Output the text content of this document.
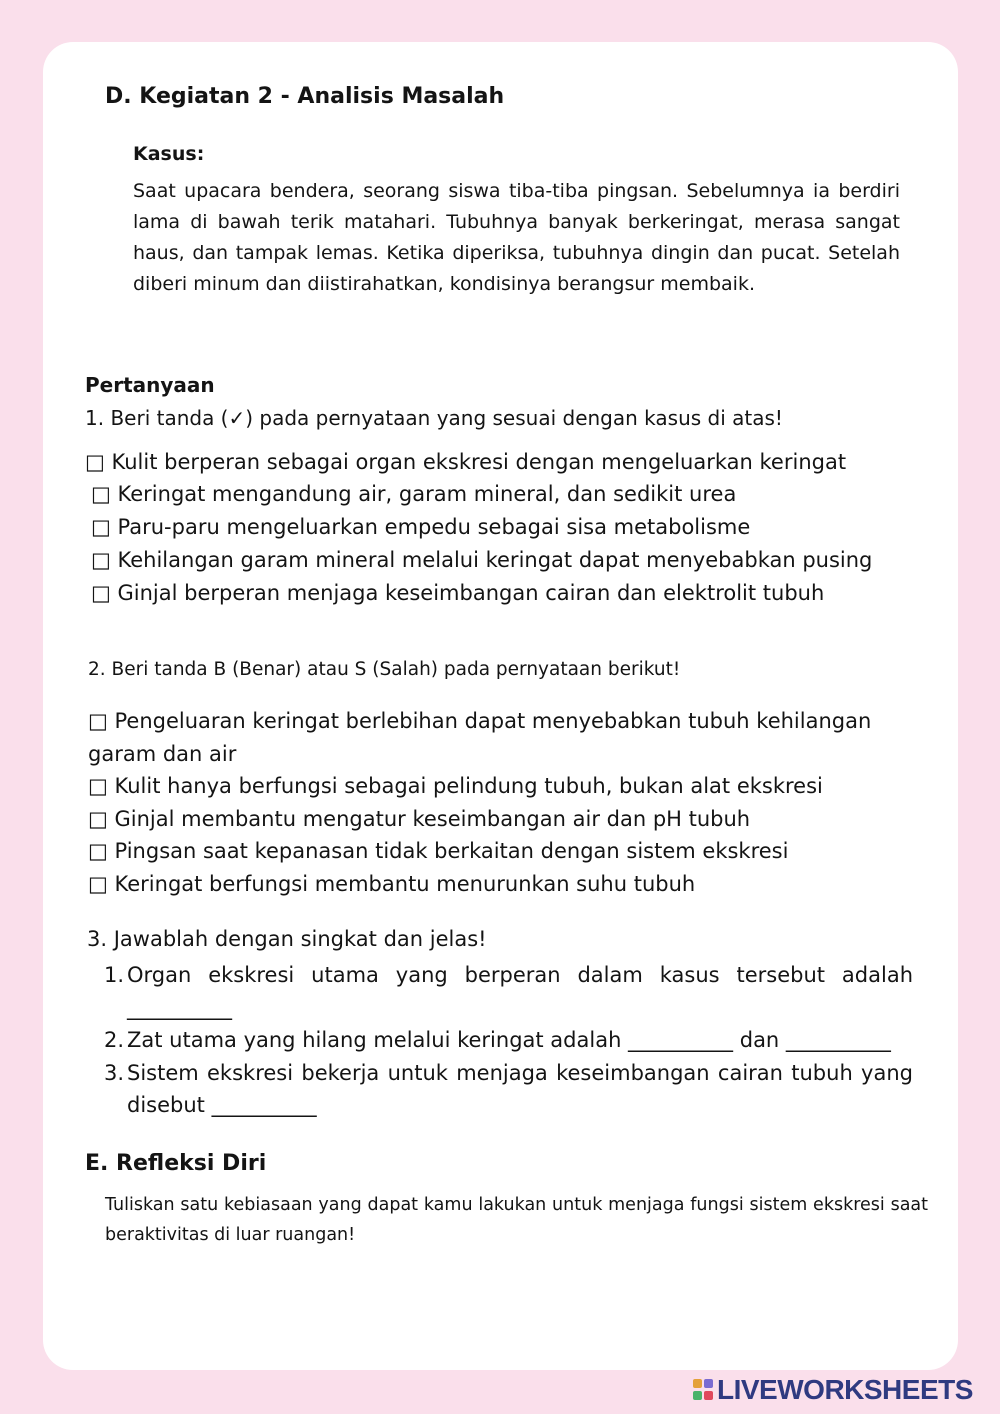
D. Kegiatan 2 - Analisis Masalah
Kasus:

Saat upacara bendera, seorang siswa tiba-tiba pingsan. Sebelumnya ia berdiri lama di bawah terik matahari. Tubuhnya banyak berkeringat, merasa sangat haus, dan tampak lemas. Ketika diperiksa, tubuhnya dingin dan pucat. Setelah diberi minum dan diistirahatkan, kondisinya berangsur membaik.

Pertanyaan
1. Beri tanda (✓) pada pernyataan yang sesuai dengan kasus di atas!
□ Kulit berperan sebagai organ ekskresi dengan mengeluarkan keringat
□ Keringat mengandung air, garam mineral, dan sedikit urea
□ Paru-paru mengeluarkan empedu sebagai sisa metabolisme
□ Kehilangan garam mineral melalui keringat dapat menyebabkan pusing
□ Ginjal berperan menjaga keseimbangan cairan dan elektrolit tubuh
2. Beri tanda B (Benar) atau S (Salah) pada pernyataan berikut!
□ Pengeluaran keringat berlebihan dapat menyebabkan tubuh kehilangan garam dan air
□ Kulit hanya berfungsi sebagai pelindung tubuh, bukan alat ekskresi
□ Ginjal membantu mengatur keseimbangan air dan pH tubuh
□ Pingsan saat kepanasan tidak berkaitan dengan sistem ekskresi
□ Keringat berfungsi membantu menurunkan suhu tubuh
3. Jawablah dengan singkat dan jelas!
1. Organ ekskresi utama yang berperan dalam kasus tersebut adalah __________
2. Zat utama yang hilang melalui keringat adalah __________ dan __________
3. Sistem ekskresi bekerja untuk menjaga keseimbangan cairan tubuh yang disebut __________
E. Refleksi Diri

Tuliskan satu kebiasaan yang dapat kamu lakukan untuk menjaga fungsi sistem ekskresi saat beraktivitas di luar ruangan!

LIVEWORKSHEETS
